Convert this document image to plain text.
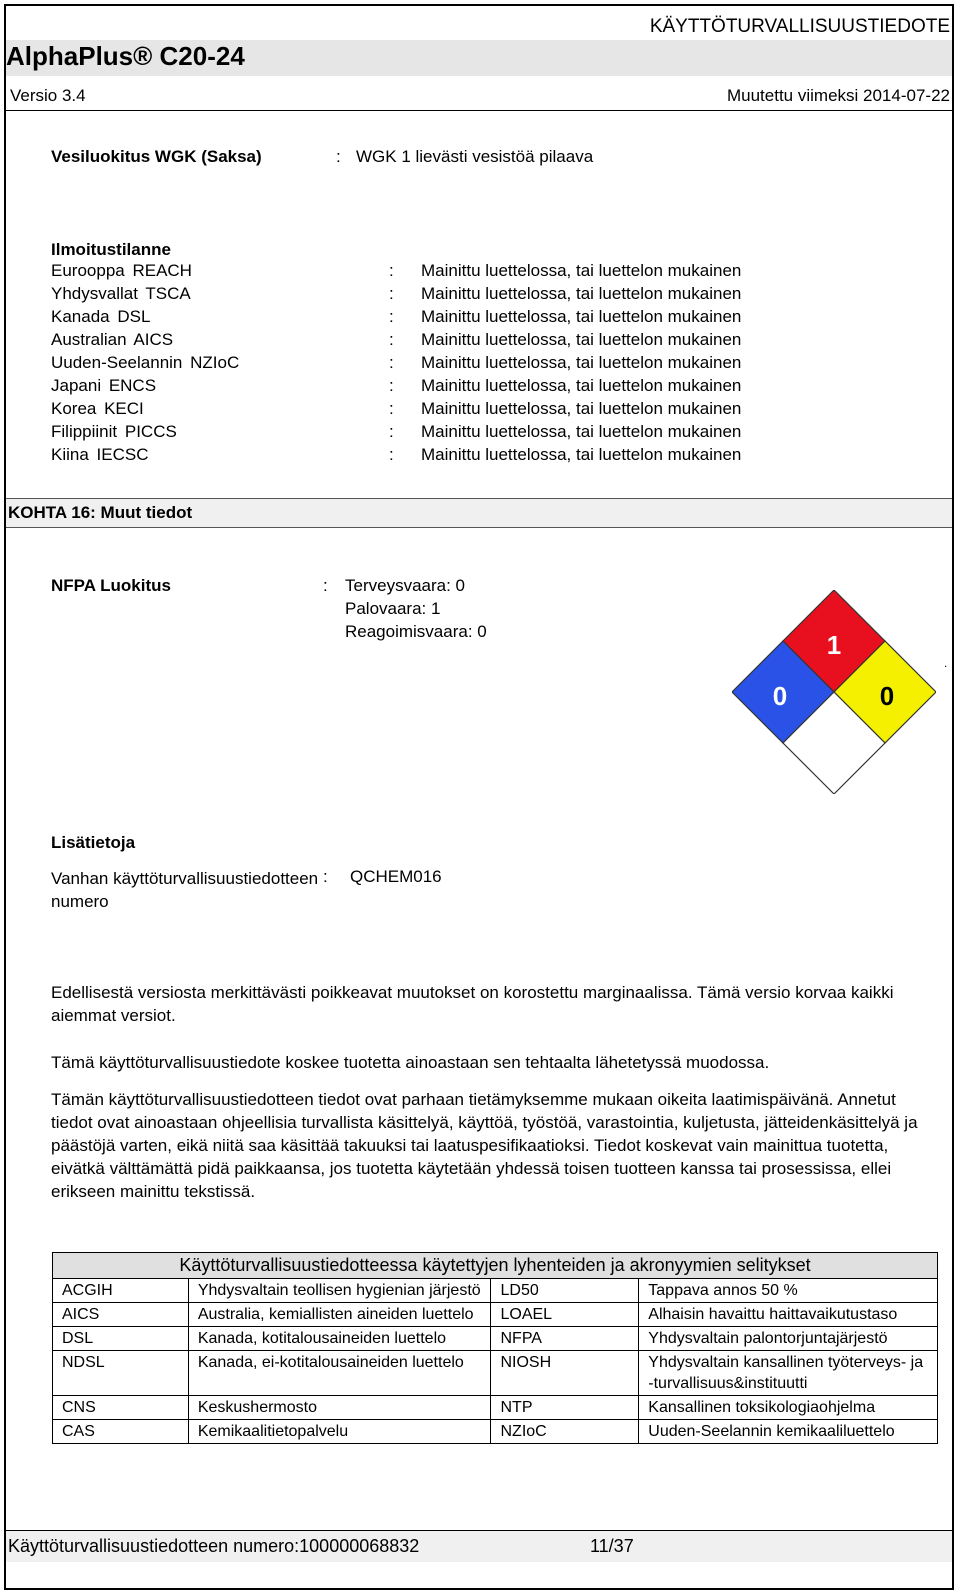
KÄYTTÖTURVALLISUUSTIEDOTE
AlphaPlus® C20-24
Versio 3.4	Muutettu viimeksi 2014-07-22
Vesiluokitus WGK (Saksa)	: WGK 1 lievästi vesistöä pilaava
Ilmoitustilanne
Eurooppa REACH	: Mainittu luettelossa, tai luettelon mukainen
Yhdysvallat TSCA	: Mainittu luettelossa, tai luettelon mukainen
Kanada DSL	: Mainittu luettelossa, tai luettelon mukainen
Australian AICS	: Mainittu luettelossa, tai luettelon mukainen
Uuden-Seelannin NZIoC	: Mainittu luettelossa, tai luettelon mukainen
Japani ENCS	: Mainittu luettelossa, tai luettelon mukainen
Korea KECI	: Mainittu luettelossa, tai luettelon mukainen
Filippiinit PICCS	: Mainittu luettelossa, tai luettelon mukainen
Kiina IECSC	: Mainittu luettelossa, tai luettelon mukainen
KOHTA 16: Muut tiedot
NFPA Luokitus	: Terveysvaara: 0
Palovaara: 1
Reagoimisvaara: 0	1
0	0
.
Lisätietoja
Vanhan käyttöturvallisuustiedotteen numero
: QCHEM016
Edellisestä versiosta merkittävästi poikkeavat muutokset on korostettu marginaalissa. Tämä versio korvaa kaikki aiemmat versiot.
Tämä käyttöturvallisuustiedote koskee tuotetta ainoastaan sen tehtaalta lähetetyssä muodossa.
Tämän käyttöturvallisuustiedotteen tiedot ovat parhaan tietämyksemme mukaan oikeita laatimispäivänä. Annetut tiedot ovat ainoastaan ohjeellisia turvallista käsittelyä, käyttöä, työstöä, varastointia, kuljetusta, jätteidenkäsittelyä ja päästöjä varten, eikä niitä saa käsittää takuuksi tai laatuspesifikaatioksi. Tiedot koskevat vain mainittua tuotetta, eivätkä välttämättä pidä paikkaansa, jos tuotetta käytetään yhdessä toisen tuotteen kanssa tai prosessissa, ellei erikseen mainittu tekstissä.
Käyttöturvallisuustiedotteessa käytettyjen lyhenteiden ja akronyymien selitykset			
ACGIH	Yhdysvaltain teollisen hygienian järjestö	LD50	Tappava annos 50 %
AICS	Australia, kemiallisten aineiden luettelo	LOAEL	Alhaisin havaittu haittavaikutustaso
DSL	Kanada, kotitalousaineiden luettelo	NFPA	Yhdysvaltain palontorjuntajärjestö
NDSL	Kanada, ei-kotitalousaineiden luettelo	NIOSH	Yhdysvaltain kansallinen työterveys- ja -turvallisuus&instituutti
CNS	Keskushermosto	NTP	Kansallinen toksikologiaohjelma
CAS	Kemikaalitietopalvelu	NZIoC	Uuden-Seelannin kemikaaliluettelo
Käyttöturvallisuustiedotteen numero:100000068832	11/37
